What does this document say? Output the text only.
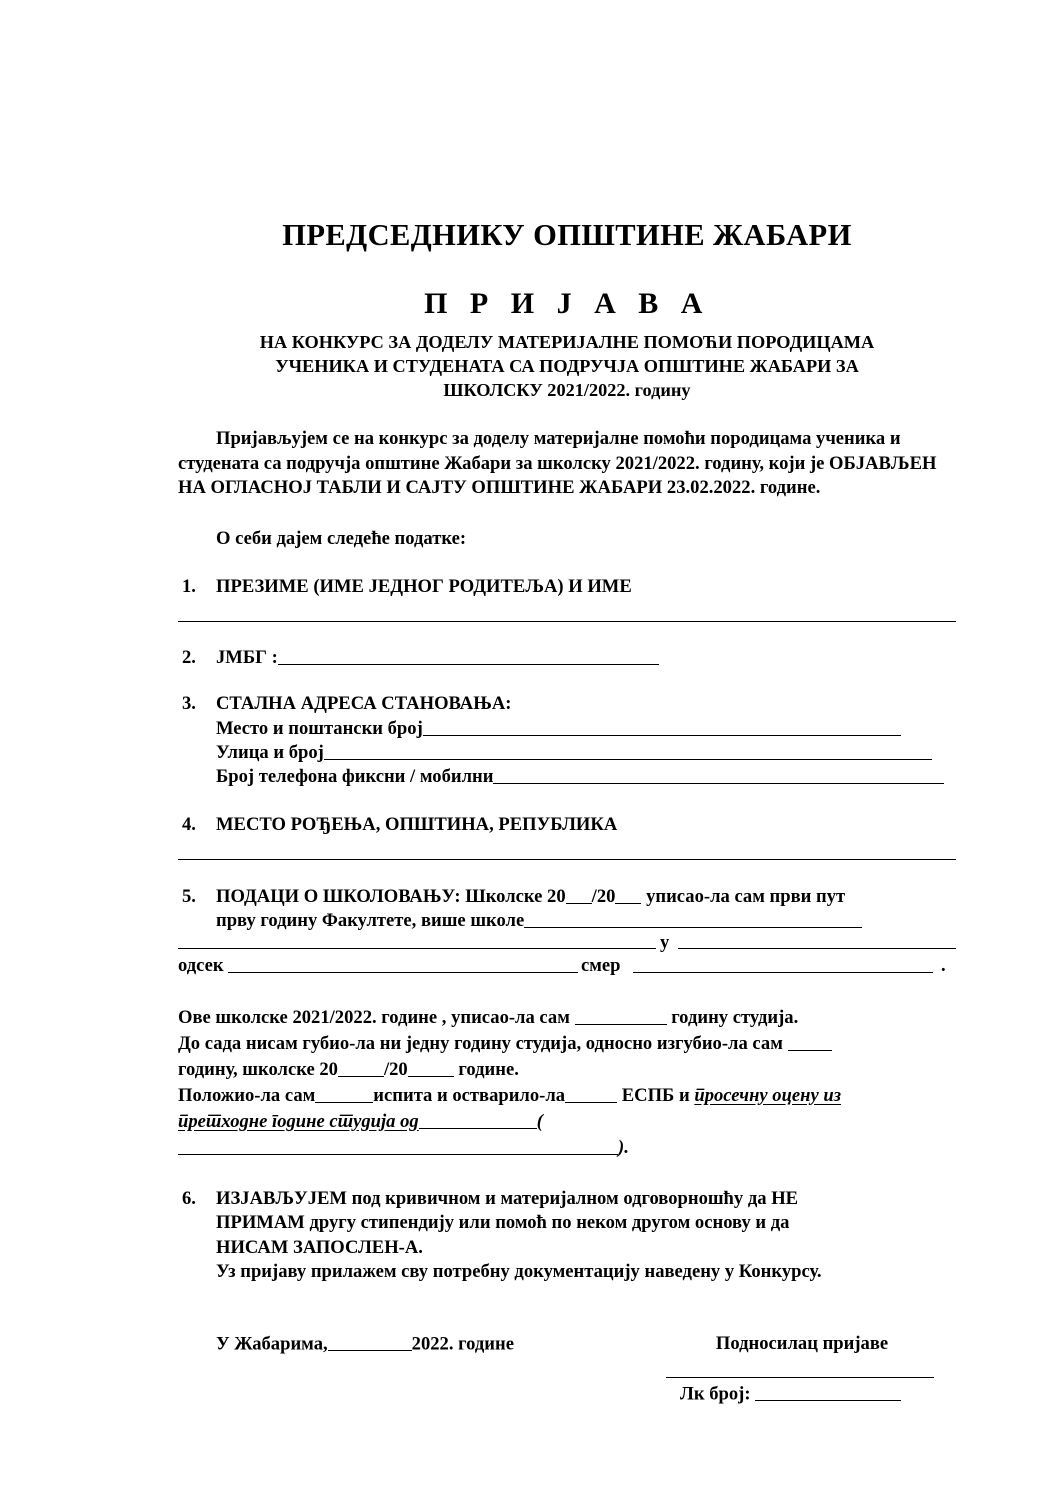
ПРЕДСЕДНИКУ ОПШТИНЕ ЖАБАРИ
П Р И Ј А В А
НА КОНКУРС ЗА ДОДЕЛУ МАТЕРИЈАЛНЕ ПОМОЋИ ПОРОДИЦАМА
УЧЕНИКА И СТУДЕНАТА СА ПОДРУЧЈА ОПШТИНЕ ЖАБАРИ ЗА
ШКОЛСКУ 2021/2022. годину

Пријављујем се на конкурс за доделу материјалне помоћи породицама ученика и студената са подручја општине Жабари за школску 2021/2022. годину, који је ОБЈАВЉЕН НА ОГЛАСНОЈ ТАБЛИ И САЈТУ ОПШТИНЕ ЖАБАРИ 23.02.2022. године.

О себи дајем следеће податке:

1.	ПРЕЗИМЕ (ИМЕ ЈЕДНОГ РОДИТЕЉА) И ИМЕ
2.	ЈМБГ :
3.	СТАЛНА АДРЕСА СТАНОВАЊА:
Место и поштански број
Улица и број
Број телефона фиксни / мобилни
4.	МЕСТО РОЂЕЊА, ОПШТИНА, РЕПУБЛИКА
5.	ПОДАЦИ О ШКОЛОВАЊУ: Школске 20 /20 уписао-ла сам први пут
прву годину Факултете, више школе
у
одсек	смер	.
Ове школске 2021/2022. године , уписао-ла сам	годину студија.
До сада нисам губио-ла ни једну годину студија, односно изгубио-ла сам
годину, школске 20 /20	године.
Положио-ла сам	испита и остварило-ла	ЕСПБ и просечну оцену из
претходне године студија од	().
6.	ИЗЈАВЉУЈЕМ под кривичном и материјалном одговорношћу да НЕ
ПРИМАМ другу стипендију или помоћ по неком другом основу и да
НИСАМ ЗАПОСЛЕН-А.
Уз пријаву прилажем сву потребну документацију наведену у Конкурсу.
У Жабарима,	2022. године	Подносилац пријаве
Лк број:
